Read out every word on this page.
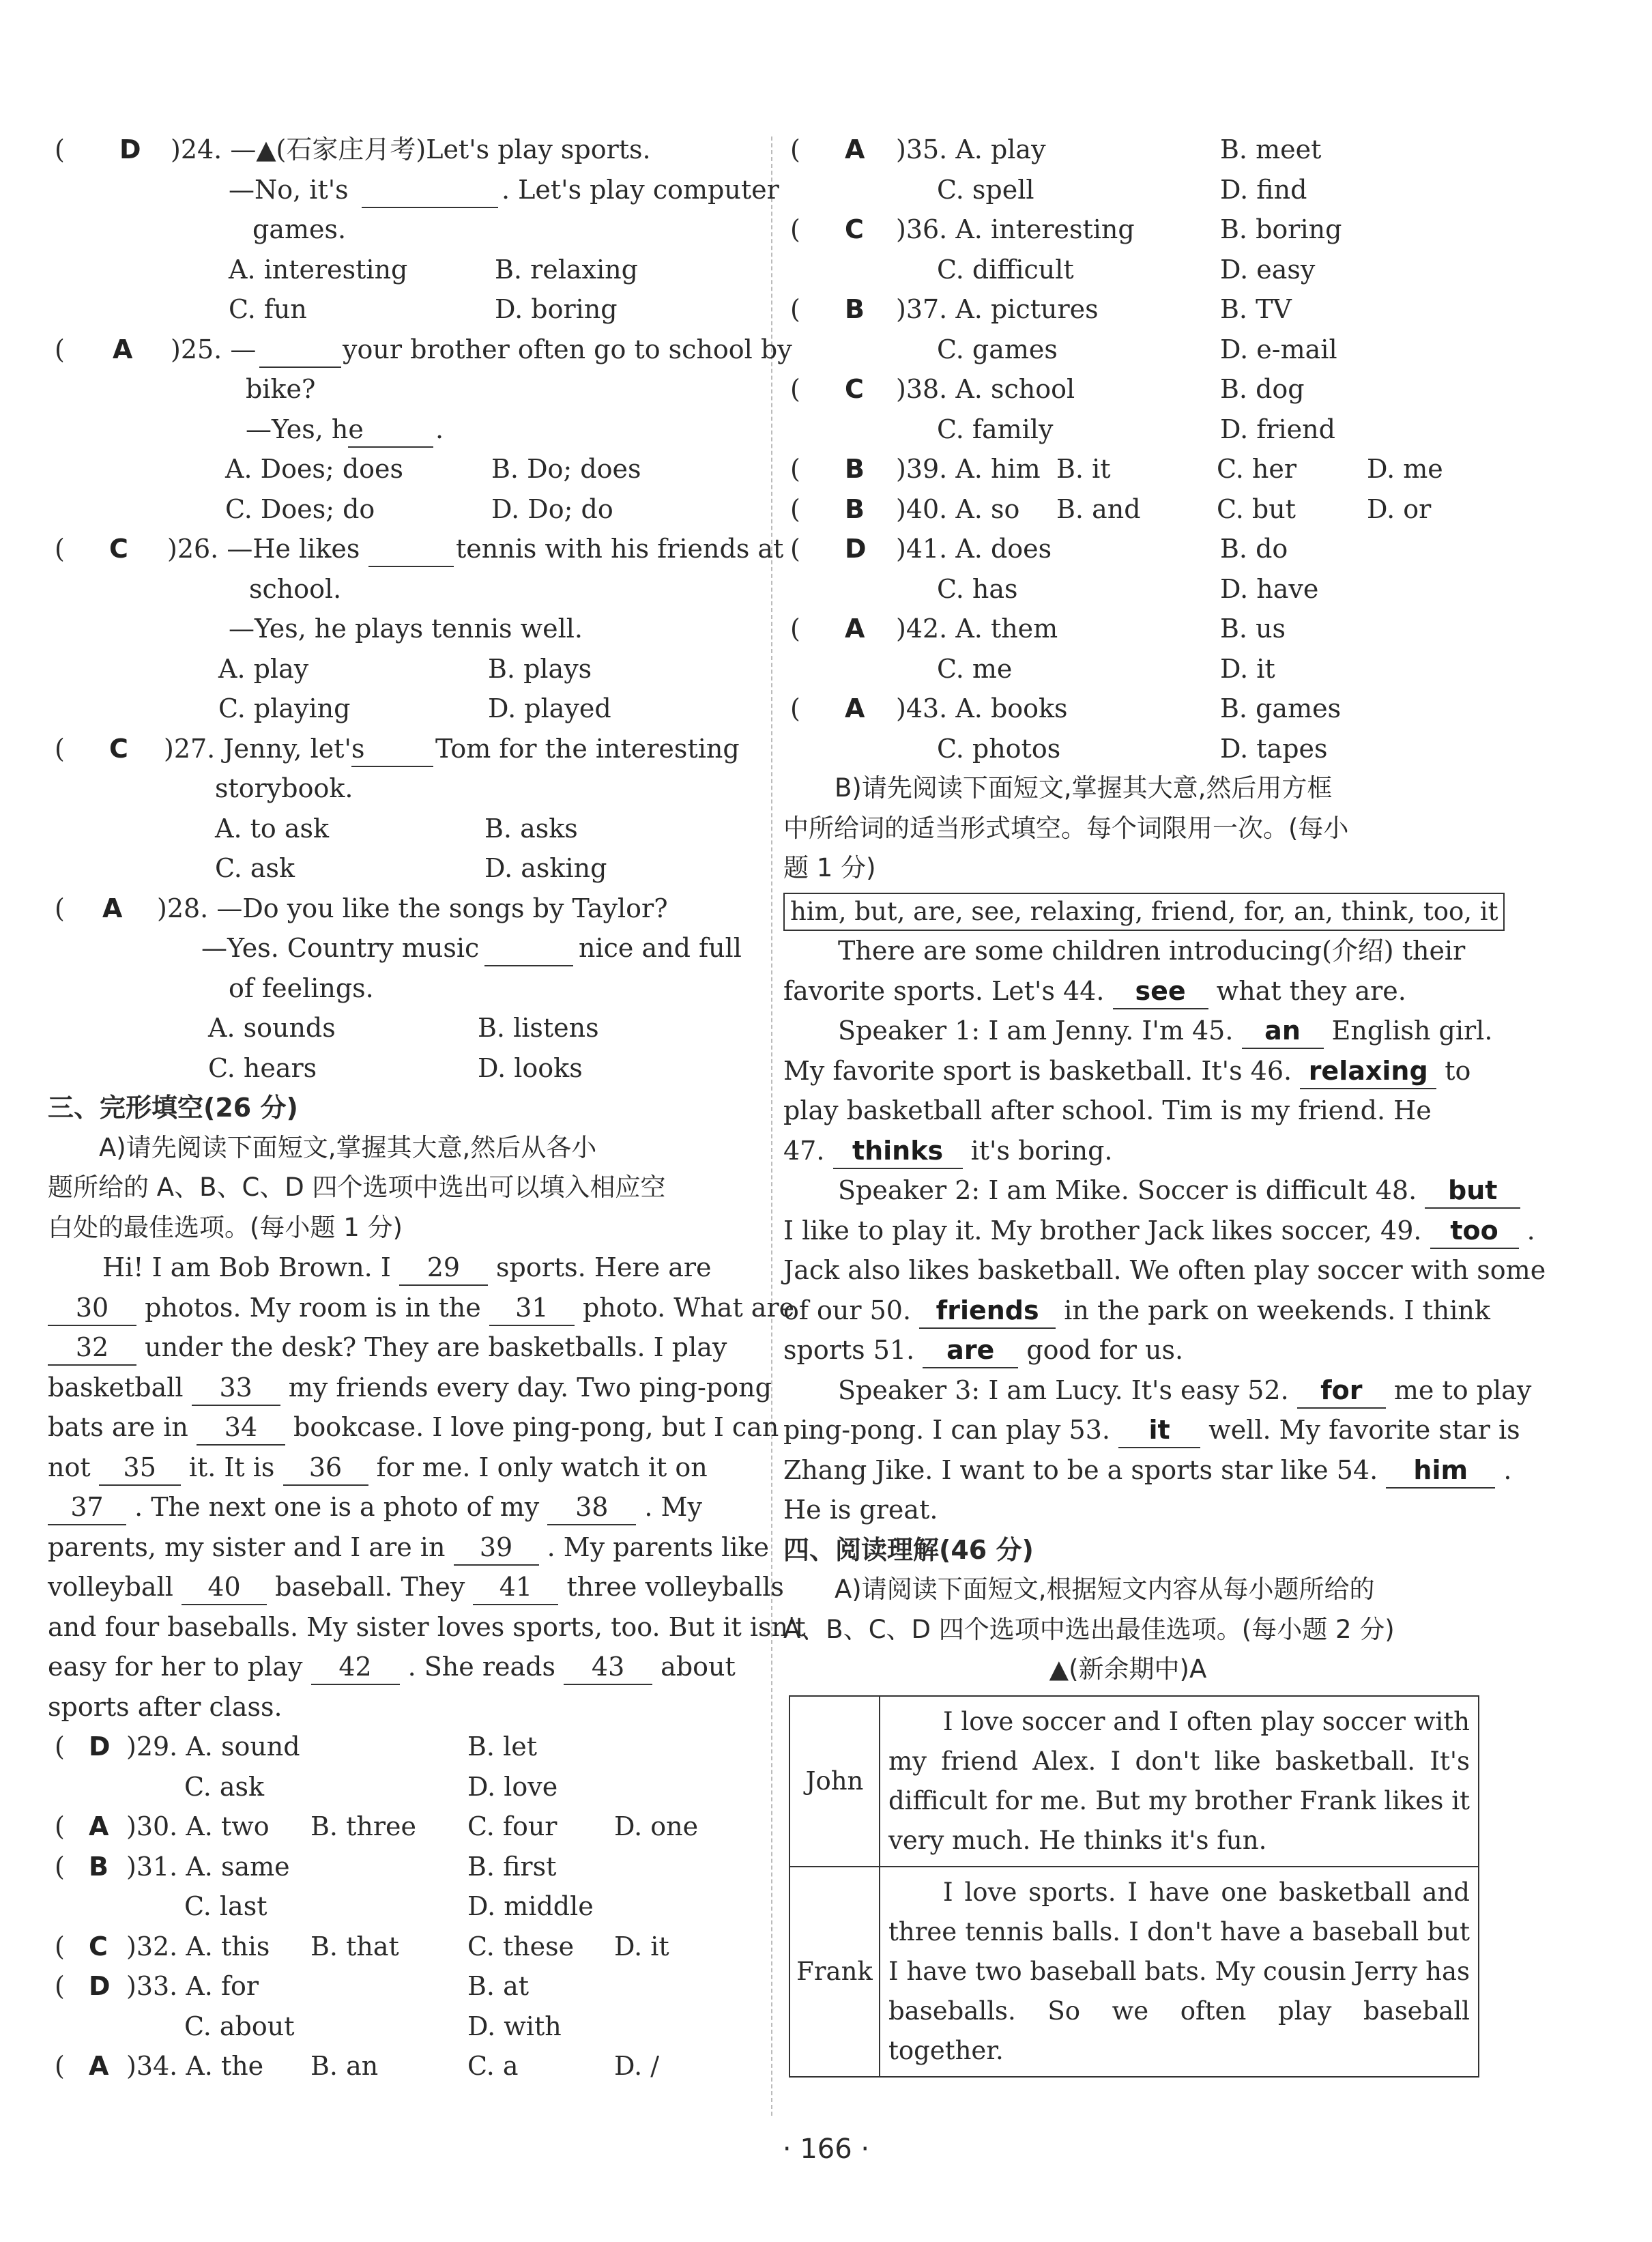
( D )24. —▲(石家庄月考)Let's play sports.
—No, it's
	. Let's play computer
games.
A. interesting	B. relaxing
C. fun	D. boring
( A )25. —
	your brother often go to school by
bike?
—Yes, he
	.
A. Does; does	B. Do; does
C. Does; do	D. Do; do
( C )26. —He likes
	tennis with his friends at
school.
—Yes, he plays tennis well.
A. play	B. plays
C. playing	D. played
( C )27. Jenny, let's
	Tom for the interesting
storybook.
A. to ask	B. asks
C. ask	D. asking
( A )28. —Do you like the songs by Taylor?
—Yes. Country music
	nice and full
of feelings.
A. sounds	B. listens
C. hears	D. looks
三、完形填空(26 分)
A)请先阅读下面短文,掌握其大意,然后从各小
题所给的 A、B、C、D 四个选项中选出可以填入相应空
白处的最佳选项。(每小题 1 分)
Hi! I am Bob Brown. I 29 sports. Here are
30 photos. My room is in the 31 photo. What are
32 under the desk? They are basketballs. I play
basketball 33 my friends every day. Two ping-pong
bats are in 34 bookcase. I love ping-pong, but I can
not 35 it. It is 36 for me. I only watch it on
37 . The next one is a photo of my 38 . My
parents, my sister and I are in 39 . My parents like
volleyball 40 baseball. They 41 three volleyballs
and four baseballs. My sister loves sports, too. But it isn't
easy for her to play 42 . She reads 43 about
sports after class.
( D )29. A. sound	B. let
C. ask	D. love
( A )30. A. two B. three C. four D. one
( B )31. A. same	B. first
C. last	D. middle
( C )32. A. this B. that	C. these D. it
( D )33. A. for	B. at
C. about	D. with
( A )34. A. the B. an	C. a	D. /
( A )35. A. play	B. meet
C. spell	D. find
( C )36. A. interesting	B. boring
C. difficult	D. easy
( B )37. A. pictures	B. TV
C. games	D. e-mail
( C )38. A. school	B. dog
C. family	D. friend
( B )39. A. him B. it	C. her	D. me
( B )40. A. so B. and	C. but	D. or
( D )41. A. does	B. do
C. has	D. have
( A )42. A. them	B. us
C. me	D. it
( A )43. A. books	B. games
C. photos	D. tapes
B)请先阅读下面短文,掌握其大意,然后用方框
中所给词的适当形式填空。每个词限用一次。(每小
题 1 分)
him, but, are, see, relaxing, friend, for, an, think, too, it
There are some children introducing(介绍) their
favorite sports. Let's 44. see what they are.
Speaker 1: I am Jenny. I'm 45. an English girl.
My favorite sport is basketball. It's 46. relaxing to
play basketball after school. Tim is my friend. He
47. thinks it's boring.
Speaker 2: I am Mike. Soccer is difficult 48. but
I like to play it. My brother Jack likes soccer, 49. too .
Jack also likes basketball. We often play soccer with some
of our 50. friends in the park on weekends. I think
sports 51. are good for us.
Speaker 3: I am Lucy. It's easy 52. for me to play
ping-pong. I can play 53. it well. My favorite star is
Zhang Jike. I want to be a sports star like 54. him .
He is great.
四、阅读理解(46 分)
A)请阅读下面短文,根据短文内容从每小题所给的
A、B、C、D 四个选项中选出最佳选项。(每小题 2 分)
▲(新余期中)A
John	I love soccer and I often play soccer with my friend Alex. I don't like basketball. It's difficult for me. But my brother Frank likes it very much. He thinks it's fun.
Frank	I love sports. I have one basketball and three tennis balls. I don't have a baseball but I have two baseball bats. My cousin Jerry has baseballs. So we often play baseball together.
· 166 ·
